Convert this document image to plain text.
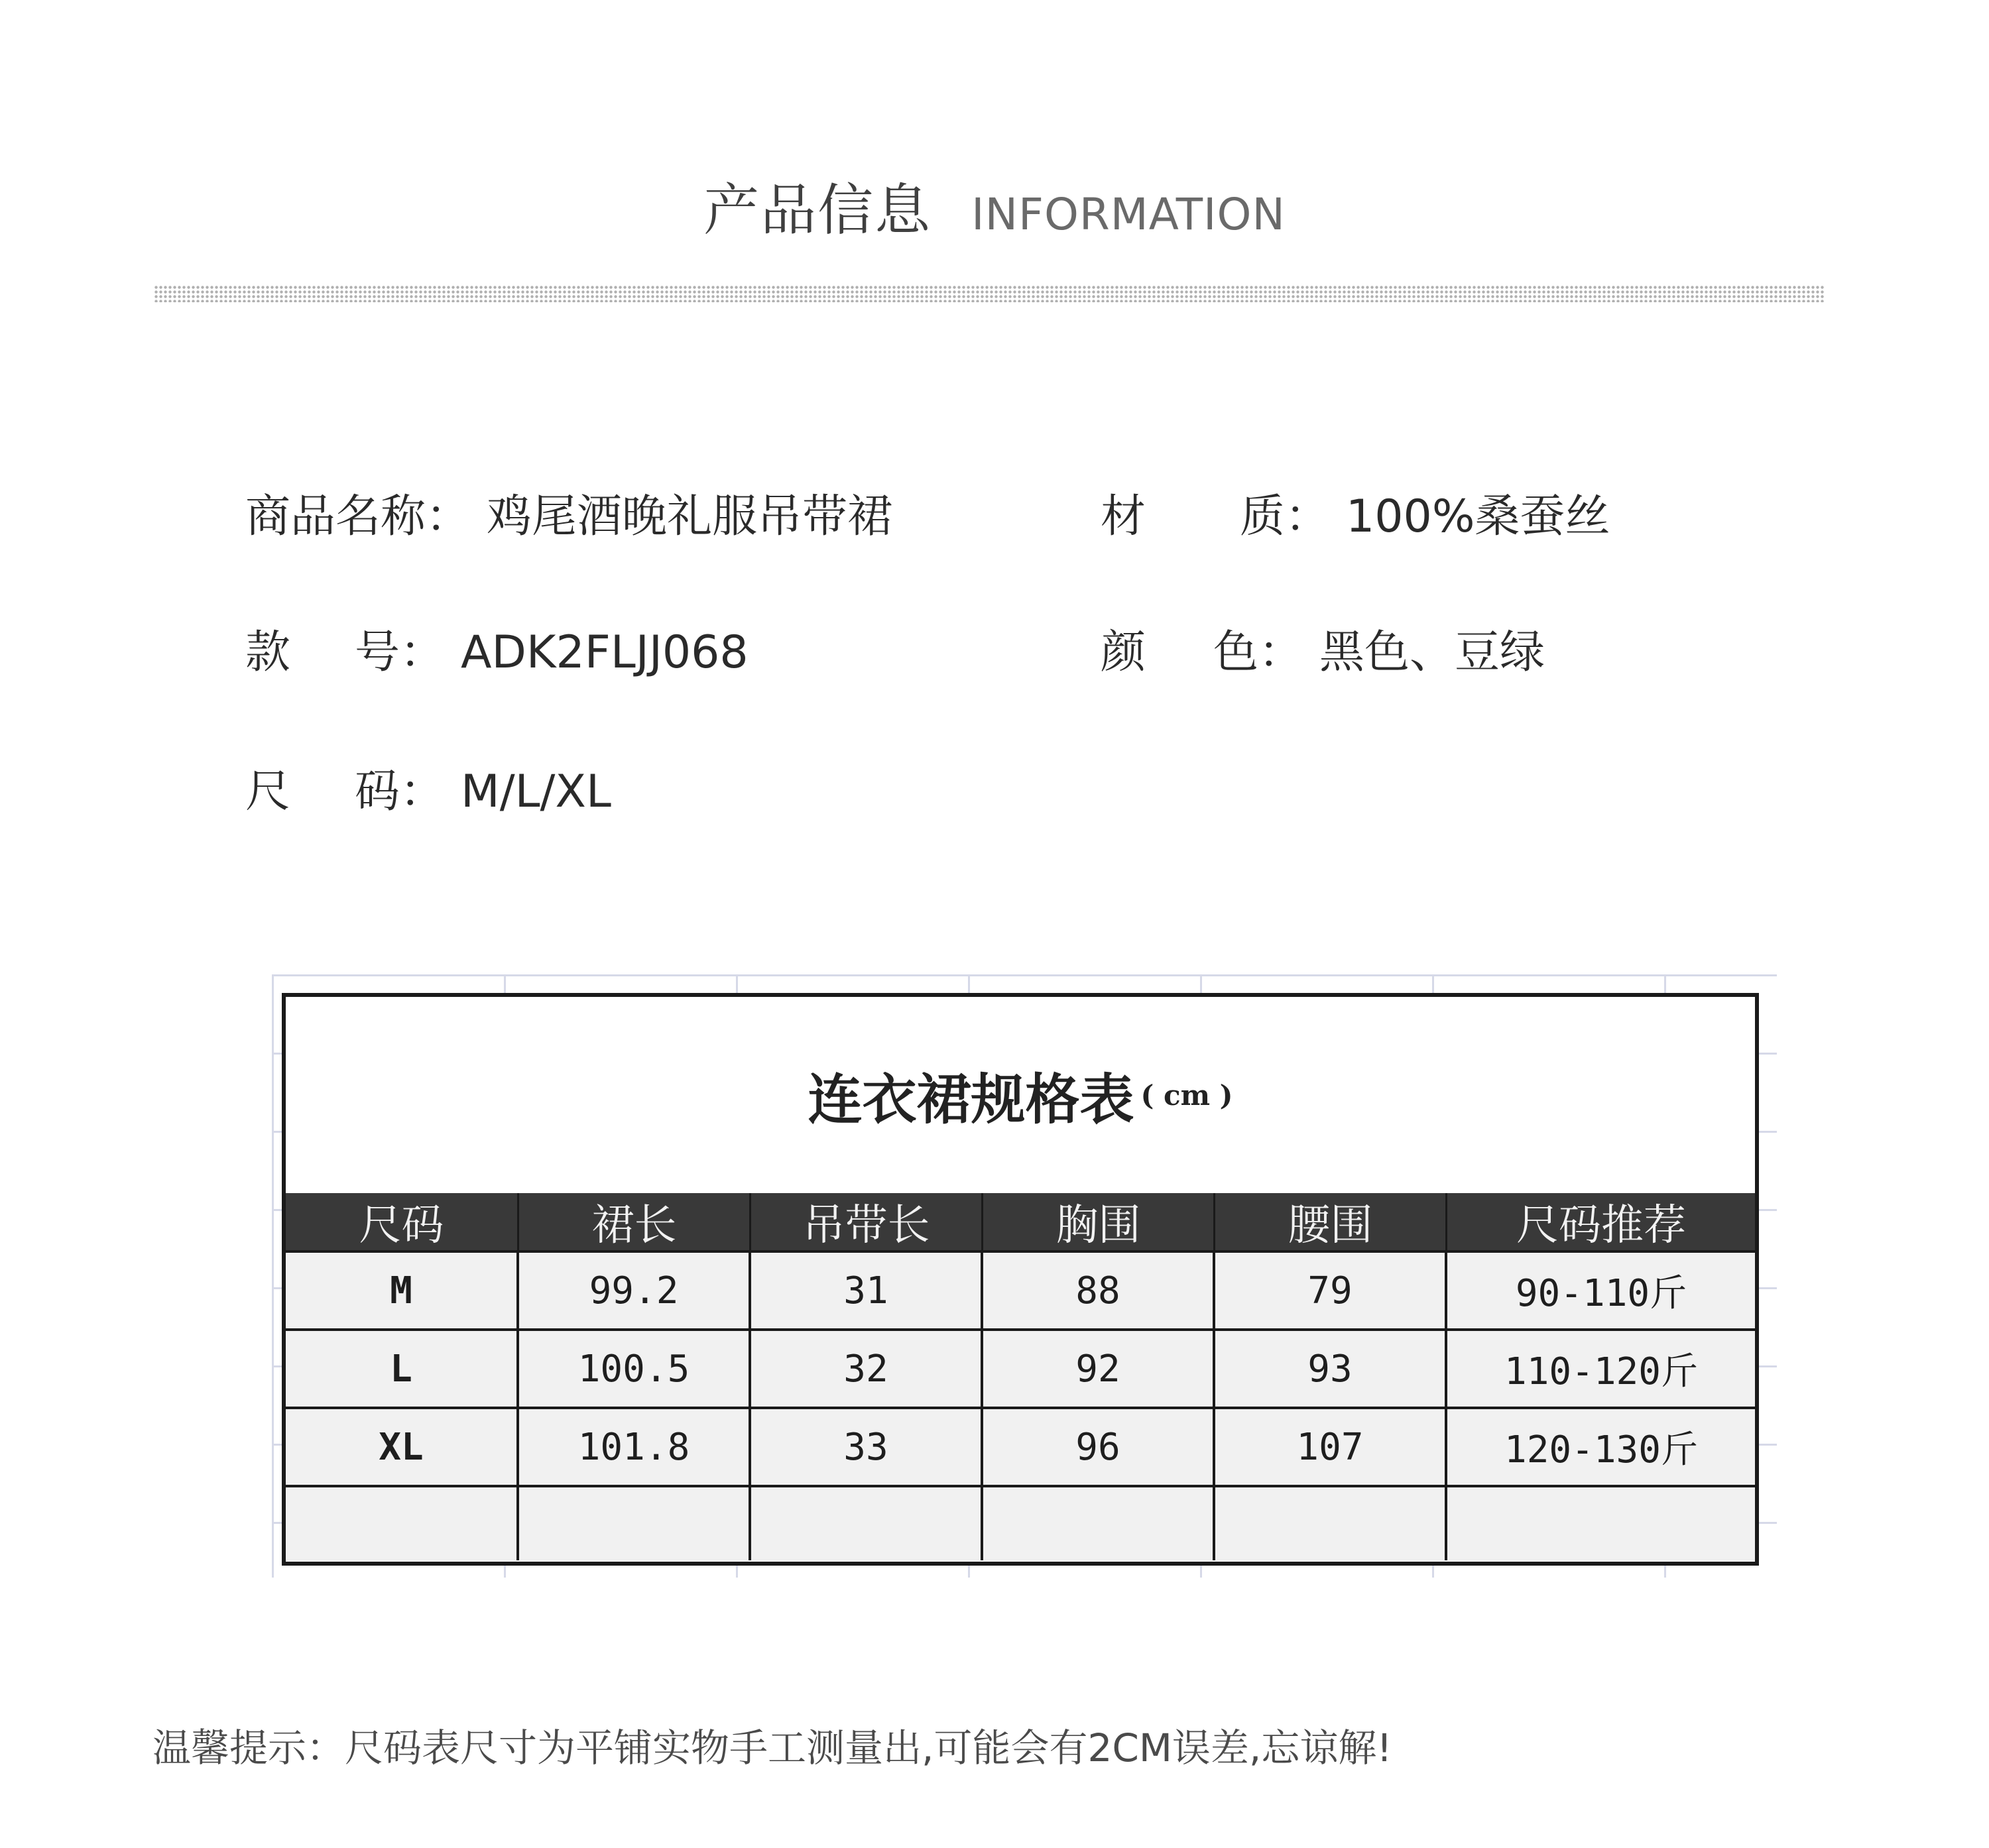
产品信息 INFORMATION
商品名称 ： 鸡尾酒晚礼服吊带裙	材	质 ： 100%桑蚕丝
款	号 ： ADK2FLJJ068	颜	色 ： 黑色、豆绿
尺	码 ： M/L/XL
连衣裙规格表 ( cm )
尺码	裙长	吊带长	胸围	腰围	尺码推荐
M	99.2	31	88	79	90-110斤
L	100.5	32	92	93	110-120斤
XL	101.8	33	96	107	120-130斤
温馨提示：尺码表尺寸为平铺实物手工测量出,可能会有2CM误差,忘谅解!
